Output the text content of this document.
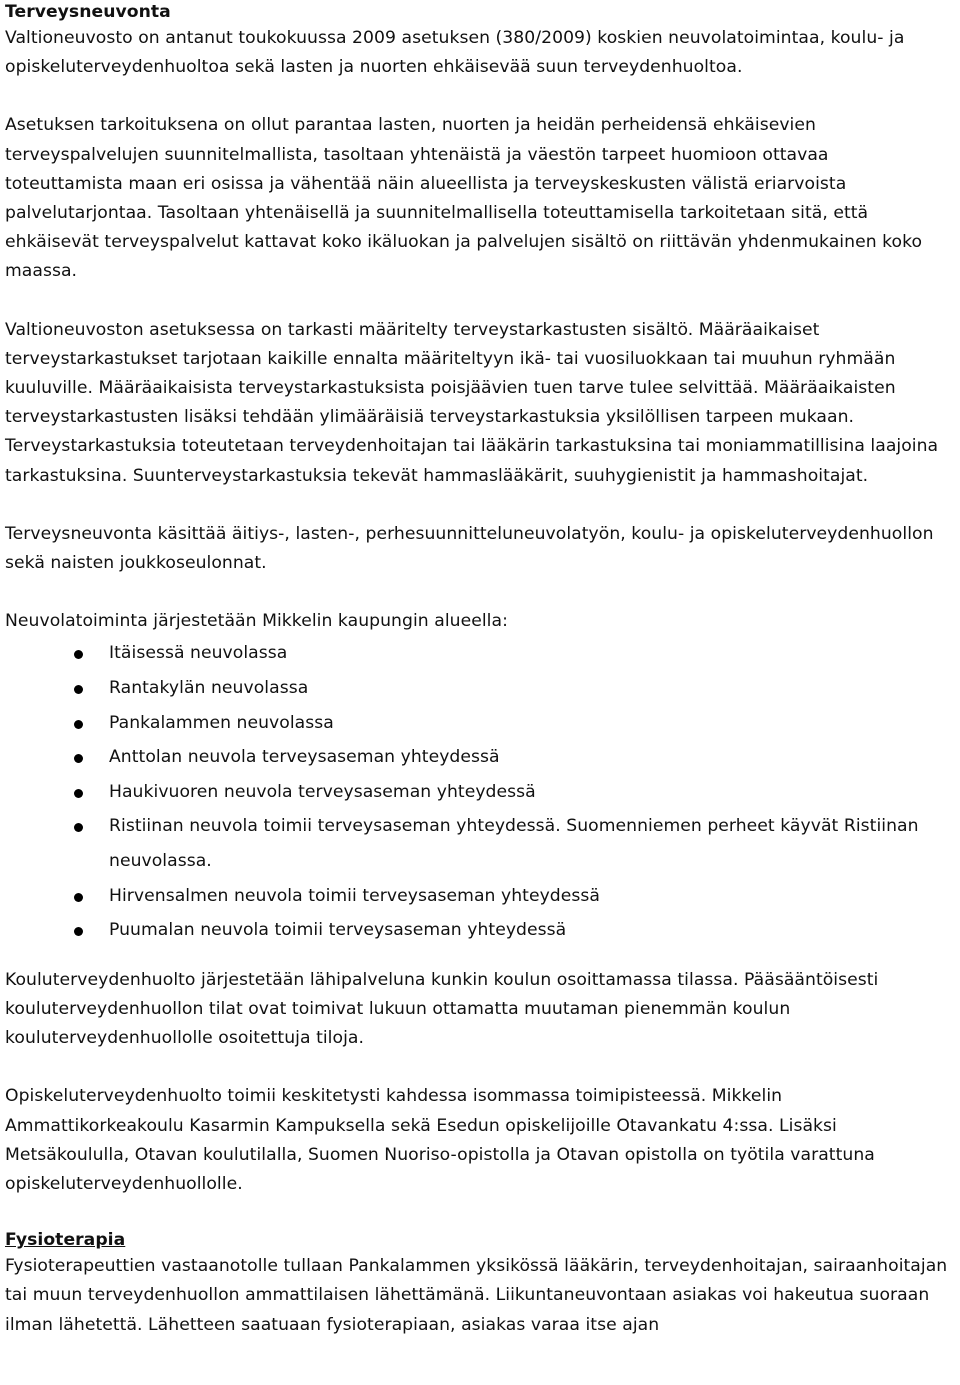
Terveysneuvonta

Valtioneuvosto on antanut toukokuussa 2009 asetuksen (380/2009) koskien neuvolatoimintaa, koulu- ja opiskeluterveydenhuoltoa sekä lasten ja nuorten ehkäisevää suun terveydenhuoltoa.

Asetuksen tarkoituksena on ollut parantaa lasten, nuorten ja heidän perheidensä ehkäisevien terveyspalvelujen suunnitelmallista, tasoltaan yhtenäistä ja väestön tarpeet huomioon ottavaa toteuttamista maan eri osissa ja vähentää näin alueellista ja terveyskeskusten välistä eriarvoista palvelutarjontaa. Tasoltaan yhtenäisellä ja suunnitelmallisella toteuttamisella tarkoitetaan sitä, että ehkäisevät terveyspalvelut kattavat koko ikäluokan ja palvelujen sisältö on riittävän yhdenmukainen koko maassa.

Valtioneuvoston asetuksessa on tarkasti määritelty terveystarkastusten sisältö. Määräaikaiset terveystarkastukset tarjotaan kaikille ennalta määriteltyyn ikä- tai vuosiluokkaan tai muuhun ryhmään kuuluville. Määräaikaisista terveystarkastuksista poisjäävien tuen tarve tulee selvittää. Määräaikaisten terveystarkastusten lisäksi tehdään ylimääräisiä terveystarkastuksia yksilöllisen tarpeen mukaan. Terveystarkastuksia toteutetaan terveydenhoitajan tai lääkärin tarkastuksina tai moniammatillisina laajoina tarkastuksina. Suunterveystarkastuksia tekevät hammaslääkärit, suuhygienistit ja hammashoitajat.

Terveysneuvonta käsittää äitiys-, lasten-, perhesuunnitteluneuvolatyön, koulu- ja opiskeluterveydenhuollon sekä naisten joukkoseulonnat.

Neuvolatoiminta järjestetään Mikkelin kaupungin alueella:

Itäisessä neuvolassa
Rantakylän neuvolassa
Pankalammen neuvolassa
Anttolan neuvola terveysaseman yhteydessä
Haukivuoren neuvola terveysaseman yhteydessä
Ristiinan neuvola toimii terveysaseman yhteydessä. Suomenniemen perheet käyvät Ristiinan neuvolassa.
Hirvensalmen neuvola toimii terveysaseman yhteydessä
Puumalan neuvola toimii terveysaseman yhteydessä

Kouluterveydenhuolto järjestetään lähipalveluna kunkin koulun osoittamassa tilassa. Pääsääntöisesti kouluterveydenhuollon tilat ovat toimivat lukuun ottamatta muutaman pienemmän koulun kouluterveydenhuollolle osoitettuja tiloja.

Opiskeluterveydenhuolto toimii keskitetysti kahdessa isommassa toimipisteessä. Mikkelin Ammattikorkeakoulu Kasarmin Kampuksella sekä Esedun opiskelijoille Otavankatu 4:ssa. Lisäksi Metsäkoululla, Otavan koulutilalla, Suomen Nuoriso-opistolla ja Otavan opistolla on työtila varattuna opiskeluterveydenhuollolle.

Fysioterapia

Fysioterapeuttien vastaanotolle tullaan Pankalammen yksikössä lääkärin, terveydenhoitajan, sairaanhoitajan tai muun terveydenhuollon ammattilaisen lähettämänä. Liikuntaneuvontaan asiakas voi hakeutua suoraan ilman lähetettä. Lähetteen saatuaan fysioterapiaan, asiakas varaa itse ajan
